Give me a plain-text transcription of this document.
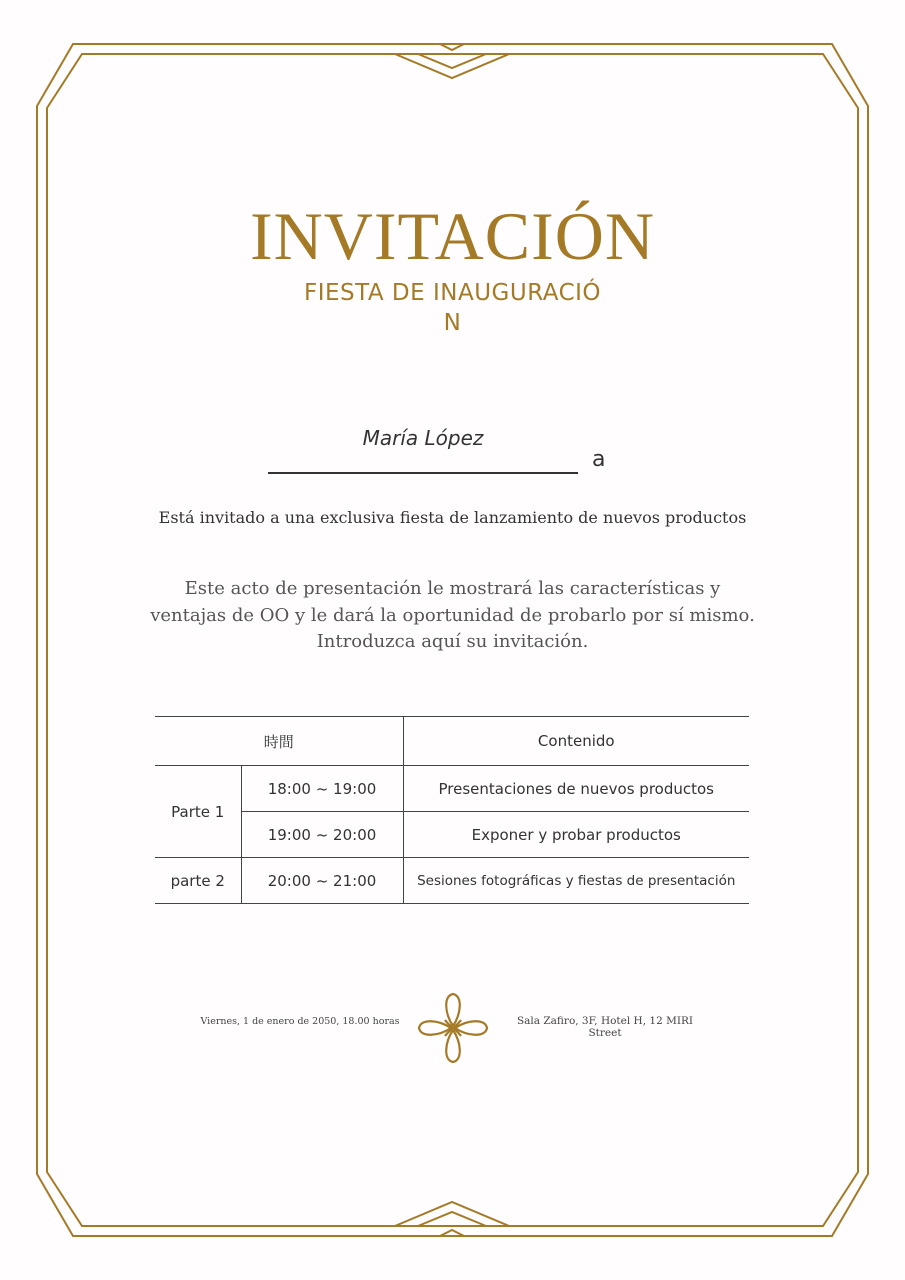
INVITACIÓN
FIESTA DE INAUGURACIÓN
María López
a
Está invitado a una exclusiva fiesta de lanzamiento de nuevos productos
Este acto de presentación le mostrará las características y
ventajas de OO y le dará la oportunidad de probarlo por sí mismo.
Introduzca aquí su invitación.
時間		Contenido
Parte 1	18:00 ~ 19:00	Presentaciones de nuevos productos
	19:00 ~ 20:00	Exponer y probar productos
parte 2	20:00 ~ 21:00	Sesiones fotográficas y fiestas de presentación
Viernes, 1 de enero de 2050, 18.00 horas	Sala Zafiro, 3F, Hotel H, 12 MIRI Street
